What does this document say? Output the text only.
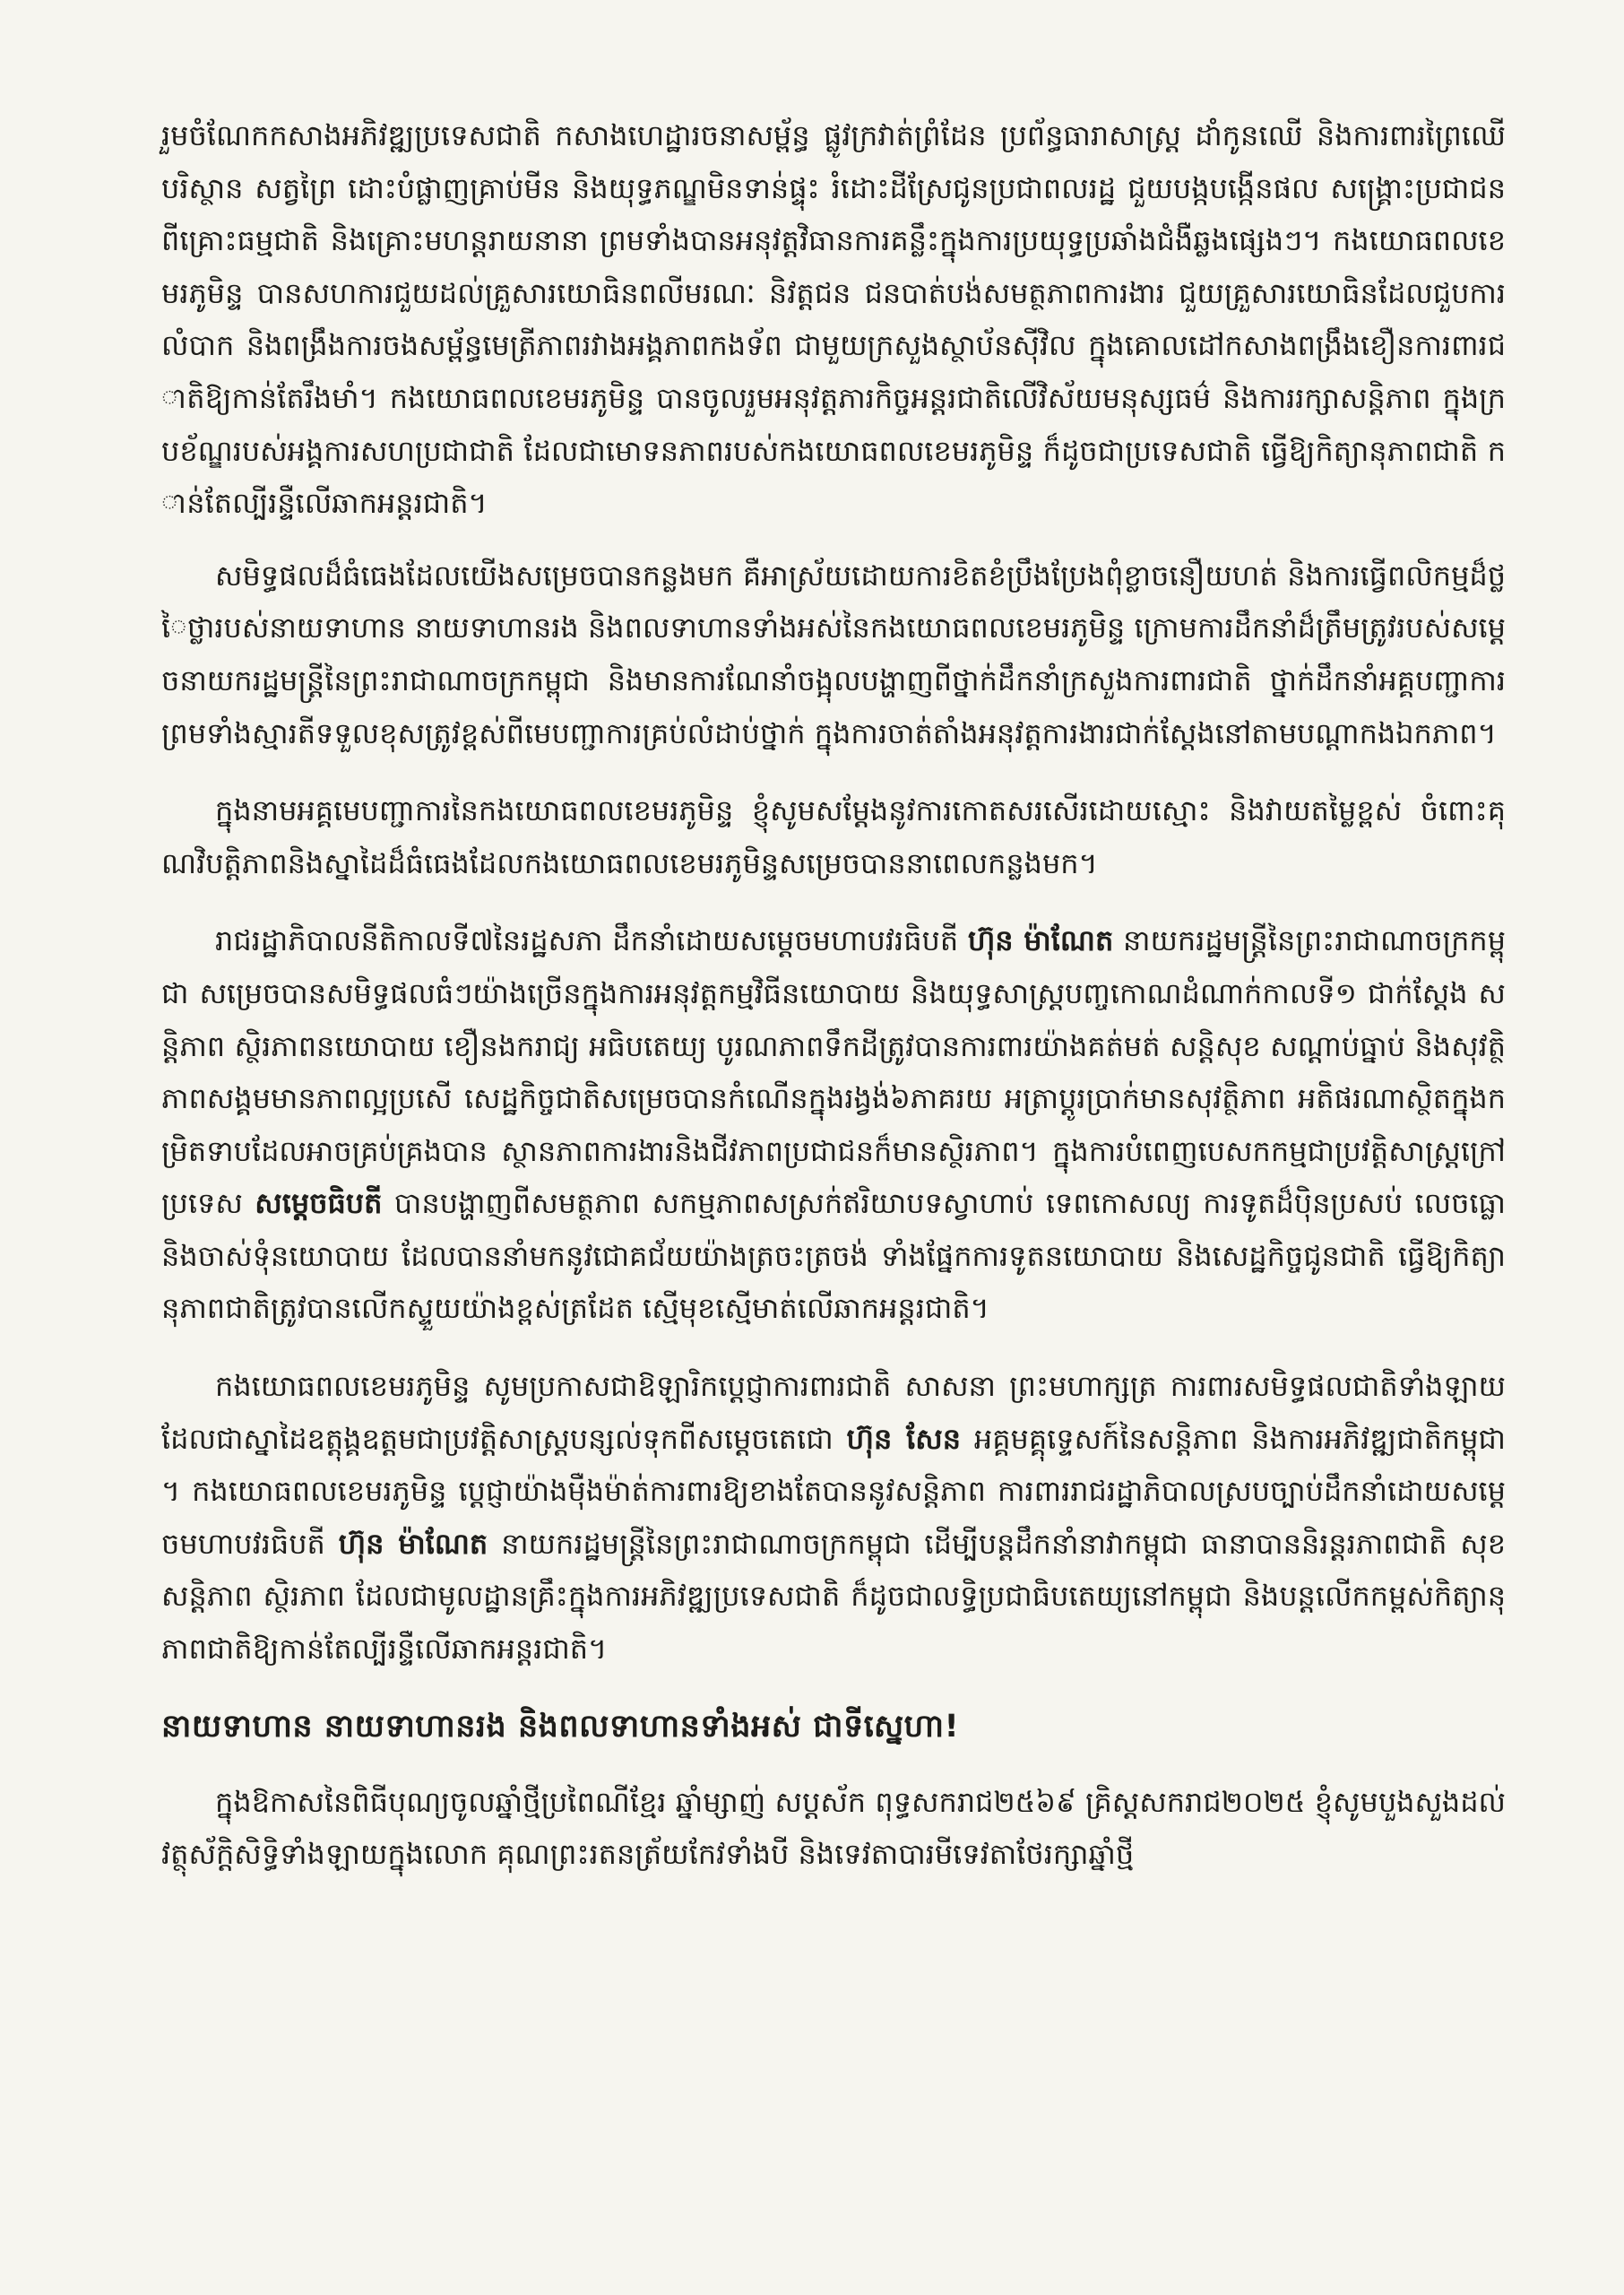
រួមចំណែកកសាងអភិវឌ្ឍប្រទេសជាតិ កសាងហេដ្ឋារចនាសម្ព័ន្ធ ផ្លូវក្រវាត់ព្រំដែន ប្រព័ន្ធធារាសាស្ត្រ ដាំកូនឈើ និងការពារព្រៃឈើ បរិស្ថាន សត្វព្រៃ ដោះបំផ្លាញគ្រាប់មីន និងយុទ្ធភណ្ឌមិនទាន់ផ្ទុះ រំដោះដីស្រែជូនប្រជាពលរដ្ឋ ជួយបង្កបង្កើនផល សង្គ្រោះប្រជាជនពីគ្រោះធម្មជាតិ និងគ្រោះមហន្តរាយនានា ព្រមទាំងបានអនុវត្តវិធានការគន្លឹះក្នុងការប្រយុទ្ធប្រឆាំងជំងឺឆ្លងផ្សេងៗ។ កងយោធពលខេមរភូមិន្ទ បានសហការជួយដល់គ្រួសារយោធិនពលីមរណៈ និវត្តជន ជនបាត់បង់សមត្ថភាពការងារ ជួយគ្រួសារយោធិនដែលជួបការលំបាក និងពង្រឹងការចងសម្ព័ន្ធមេត្រីភាពរវាងអង្គភាពកងទ័ព ជាមួយក្រសួងស្ថាប័នស៊ីវិល ក្នុងគោលដៅកសាងពង្រឹងខឿនការពារជាតិឱ្យកាន់តែរឹងមាំ។ កងយោធពលខេមរភូមិន្ទ បានចូលរួមអនុវត្តភារកិច្ចអន្តរជាតិលើវិស័យមនុស្សធម៌ និងការរក្សាសន្តិភាព ក្នុងក្របខ័ណ្ឌរបស់អង្គការសហប្រជាជាតិ ដែលជាមោទនភាពរបស់កងយោធពលខេមរភូមិន្ទ ក៏ដូចជាប្រទេសជាតិ ធ្វើឱ្យកិត្យានុភាពជាតិ កាន់តែល្បីរន្ទឺលើឆាកអន្តរជាតិ។

សមិទ្ធផលដ៏ធំធេងដែលយើងសម្រេចបានកន្លងមក គឺអាស្រ័យដោយការខិតខំប្រឹងប្រែងពុំខ្លាចនឿយហត់ និងការធ្វើពលិកម្មដ៏ថ្លៃថ្លារបស់នាយទាហាន នាយទាហានរង និងពលទាហានទាំងអស់នៃកងយោធពលខេមរភូមិន្ទ ក្រោមការដឹកនាំដ៏ត្រឹមត្រូវរបស់សម្តេចនាយករដ្ឋមន្ត្រីនៃព្រះរាជាណាចក្រកម្ពុជា និងមានការណែនាំចង្អុលបង្ហាញពីថ្នាក់ដឹកនាំក្រសួងការពារជាតិ ថ្នាក់ដឹកនាំអគ្គបញ្ជាការ ព្រមទាំងស្មារតីទទួលខុសត្រូវខ្ពស់ពីមេបញ្ជាការគ្រប់លំដាប់ថ្នាក់ ក្នុងការចាត់តាំងអនុវត្តការងារជាក់ស្តែងនៅតាមបណ្តាកងឯកភាព។

ក្នុងនាមអគ្គមេបញ្ជាការនៃកងយោធពលខេមរភូមិន្ទ ខ្ញុំសូមសម្តែងនូវការកោតសរសើរដោយស្មោះ និងវាយតម្លៃខ្ពស់ ចំពោះគុណវិបត្តិភាពនិងស្នាដៃដ៏ធំធេងដែលកងយោធពលខេមរភូមិន្ទសម្រេចបាននាពេលកន្លងមក។

រាជរដ្ឋាភិបាលនីតិកាលទី៧នៃរដ្ឋសភា ដឹកនាំដោយសម្តេចមហាបវរធិបតី ហ៊ុន ម៉ាណែត នាយករដ្ឋមន្ត្រីនៃព្រះរាជាណាចក្រកម្ពុជា សម្រេចបានសមិទ្ធផលធំៗយ៉ាងច្រើនក្នុងការអនុវត្តកម្មវិធីនយោបាយ និងយុទ្ធសាស្ត្របញ្ចកោណដំណាក់កាលទី១ ជាក់ស្តែង សន្តិភាព ស្ថិរភាពនយោបាយ ខឿនងករាជ្យ អធិបតេយ្យ បូរណភាពទឹកដីត្រូវបានការពារយ៉ាងគត់មត់ សន្តិសុខ សណ្តាប់ធ្នាប់ និងសុវត្ថិភាពសង្គមមានភាពល្អប្រសើ សេដ្ឋកិច្ចជាតិសម្រេចបានកំណើនក្នុងរង្វង់៦ភាគរយ អត្រាប្តូរប្រាក់មានសុវត្ថិភាព អតិផរណាស្ថិតក្នុងកម្រិតទាបដែលអាចគ្រប់គ្រងបាន ស្ថានភាពការងារនិងជីវភាពប្រជាជនក៏មានស្ថិរភាព។ ក្នុងការបំពេញបេសកកម្មជាប្រវត្តិសាស្ត្រក្រៅប្រទេស សម្តេចធិបតី បានបង្ហាញពីសមត្ថភាព សកម្មភាពសស្រក់ឥរិយាបទស្វាហាប់ ទេពកោសល្យ ការទូតដ៏ប៉ិនប្រសប់ លេចធ្លោ និងចាស់ទុំនយោបាយ ដែលបាននាំមកនូវជោគជ័យយ៉ាងត្រចះត្រចង់ ទាំងផ្នែកការទូតនយោបាយ និងសេដ្ឋកិច្ចជូនជាតិ ធ្វើឱ្យកិត្យានុភាពជាតិត្រូវបានលើកស្ទួយយ៉ាងខ្ពស់ត្រដែត ស្មើមុខស្មើមាត់លើឆាកអន្តរជាតិ។

កងយោធពលខេមរភូមិន្ទ សូមប្រកាសជាឱឡារិកប្តេជ្ញាការពារជាតិ សាសនា ព្រះមហាក្សត្រ ការពារសមិទ្ធផលជាតិទាំងឡាយ ដែលជាស្នាដៃឧត្តុង្គឧត្តមជាប្រវត្តិសាស្ត្របន្សល់ទុកពីសម្តេចតេជោ ហ៊ុន សែន អគ្គមគ្គុទ្ទេសក៍នៃសន្តិភាព និងការអភិវឌ្ឍជាតិកម្ពុជា។ កងយោធពលខេមរភូមិន្ទ ប្តេជ្ញាយ៉ាងម៉ឺងម៉ាត់ការពារឱ្យខាងតែបាននូវសន្តិភាព ការពាររាជរដ្ឋាភិបាលស្របច្បាប់ដឹកនាំដោយសម្តេចមហាបវរធិបតី ហ៊ុន ម៉ាណែត នាយករដ្ឋមន្ត្រីនៃព្រះរាជាណាចក្រកម្ពុជា ដើម្បីបន្តដឹកនាំនាវាកម្ពុជា ធានាបាននិរន្តរភាពជាតិ សុខសន្តិភាព ស្ថិរភាព ដែលជាមូលដ្ឋានគ្រឹះក្នុងការអភិវឌ្ឍប្រទេសជាតិ ក៏ដូចជាលទ្ធិប្រជាធិបតេយ្យនៅកម្ពុជា និងបន្តលើកកម្ពស់កិត្យានុភាពជាតិឱ្យកាន់តែល្បីរន្ទឺលើឆាកអន្តរជាតិ។

នាយទាហាន នាយទាហានរង និងពលទាហានទាំងអស់ ជាទីស្នេហា!

ក្នុងឱកាសនៃពិធីបុណ្យចូលឆ្នាំថ្មីប្រពៃណីខ្មែរ ឆ្នាំម្សាញ់ សប្តស័ក ពុទ្ធសករាជ២៥៦៩ គ្រិស្តសករាជ២០២៥ ខ្ញុំសូមបួងសួងដល់វត្ថុស័ក្តិសិទ្ធិទាំងឡាយក្នុងលោក គុណព្រះរតនត្រ័យកែវទាំងបី និងទេវតាបារមីទេវតាថែរក្សាឆ្នាំថ្មី
